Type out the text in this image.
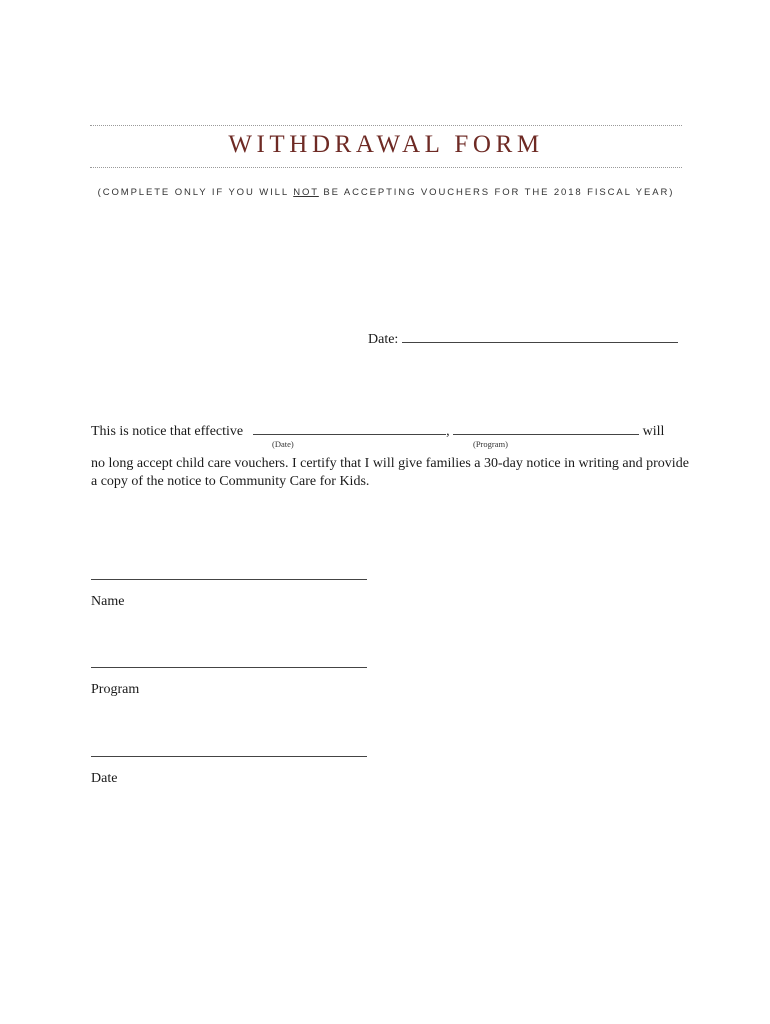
WITHDRAWAL FORM
(COMPLETE ONLY IF YOU WILL NOT BE ACCEPTING VOUCHERS FOR THE 2018 FISCAL YEAR)
Date:
This is notice that effective	,	will
(Date)	(Program)
no long accept child care vouchers. I certify that I will give families a 30-day notice in writing and provide a copy of the notice to Community Care for Kids.
Name
Program
Date
